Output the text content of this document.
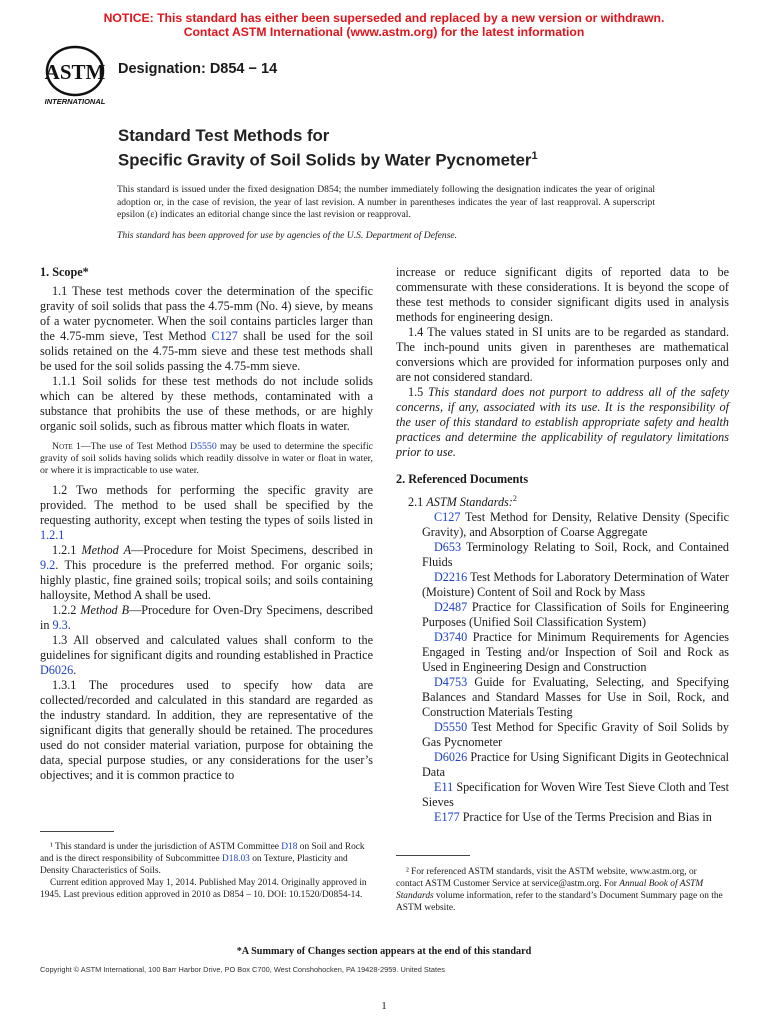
NOTICE: This standard has either been superseded and replaced by a new version or withdrawn.
Contact ASTM International (www.astm.org) for the latest information
ASTM
INTERNATIONAL
Designation: D854 − 14
Standard Test Methods for
Specific Gravity of Soil Solids by Water Pycnometer$^1$

This standard is issued under the fixed designation D854; the number immediately following the designation indicates the year of original adoption or, in the case of revision, the year of last revision. A number in parentheses indicates the year of last reapproval. A superscript epsilon (ε) indicates an editorial change since the last revision or reapproval.

This standard has been approved for use by agencies of the U.S. Department of Defense.

1. Scope*

1.1 These test methods cover the determination of the specific gravity of soil solids that pass the 4.75-mm (No. 4) sieve, by means of a water pycnometer. When the soil contains particles larger than the 4.75-mm sieve, Test Method C127 shall be used for the soil solids retained on the 4.75-mm sieve and these test methods shall be used for the soil solids passing the 4.75-mm sieve.

1.1.1 Soil solids for these test methods do not include solids which can be altered by these methods, contaminated with a substance that prohibits the use of these methods, or are highly organic soil solids, such as fibrous matter which floats in water.

Note 1—The use of Test Method D5550 may be used to determine the specific gravity of soil solids having solids which readily dissolve in water or float in water, or where it is impracticable to use water.

1.2 Two methods for performing the specific gravity are provided. The method to be used shall be specified by the requesting authority, except when testing the types of soils listed in 1.2.1

1.2.1 Method A—Procedure for Moist Specimens, described in 9.2. This procedure is the preferred method. For organic soils; highly plastic, fine grained soils; tropical soils; and soils containing halloysite, Method A shall be used.

1.2.2 Method B—Procedure for Oven-Dry Specimens, described in 9.3.

1.3 All observed and calculated values shall conform to the guidelines for significant digits and rounding established in Practice D6026.

1.3.1 The procedures used to specify how data are collected/recorded and calculated in this standard are regarded as the industry standard. In addition, they are representative of the significant digits that generally should be retained. The procedures used do not consider material variation, purpose for obtaining the data, special purpose studies, or any considerations for the user’s objectives; and it is common practice to

increase or reduce significant digits of reported data to be commensurate with these considerations. It is beyond the scope of these test methods to consider significant digits used in analysis methods for engineering design.

1.4 The values stated in SI units are to be regarded as standard. The inch-pound units given in parentheses are mathematical conversions which are provided for information purposes only and are not considered standard.

1.5 This standard does not purport to address all of the safety concerns, if any, associated with its use. It is the responsibility of the user of this standard to establish appropriate safety and health practices and determine the applicability of regulatory limitations prior to use.

2. Referenced Documents

2.1 ASTM Standards:$^2$

C127 Test Method for Density, Relative Density (Specific Gravity), and Absorption of Coarse Aggregate

D653 Terminology Relating to Soil, Rock, and Contained Fluids

D2216 Test Methods for Laboratory Determination of Water (Moisture) Content of Soil and Rock by Mass

D2487 Practice for Classification of Soils for Engineering Purposes (Unified Soil Classification System)

D3740 Practice for Minimum Requirements for Agencies Engaged in Testing and/or Inspection of Soil and Rock as Used in Engineering Design and Construction

D4753 Guide for Evaluating, Selecting, and Specifying Balances and Standard Masses for Use in Soil, Rock, and Construction Materials Testing

D5550 Test Method for Specific Gravity of Soil Solids by Gas Pycnometer

D6026 Practice for Using Significant Digits in Geotechnical Data

E11 Specification for Woven Wire Test Sieve Cloth and Test Sieves

E177 Practice for Use of the Terms Precision and Bias in

¹ This standard is under the jurisdiction of ASTM Committee D18 on Soil and Rock and is the direct responsibility of Subcommittee D18.03 on Texture, Plasticity and Density Characteristics of Soils.

Current edition approved May 1, 2014. Published May 2014. Originally approved in 1945. Last previous edition approved in 2010 as D854 – 10. DOI: 10.1520/D0854-14.

² For referenced ASTM standards, visit the ASTM website, www.astm.org, or contact ASTM Customer Service at service@astm.org. For Annual Book of ASTM Standards volume information, refer to the standard’s Document Summary page on the ASTM website.

*A Summary of Changes section appears at the end of this standard
Copyright © ASTM International, 100 Barr Harbor Drive, PO Box C700, West Conshohocken, PA 19428-2959. United States
1
